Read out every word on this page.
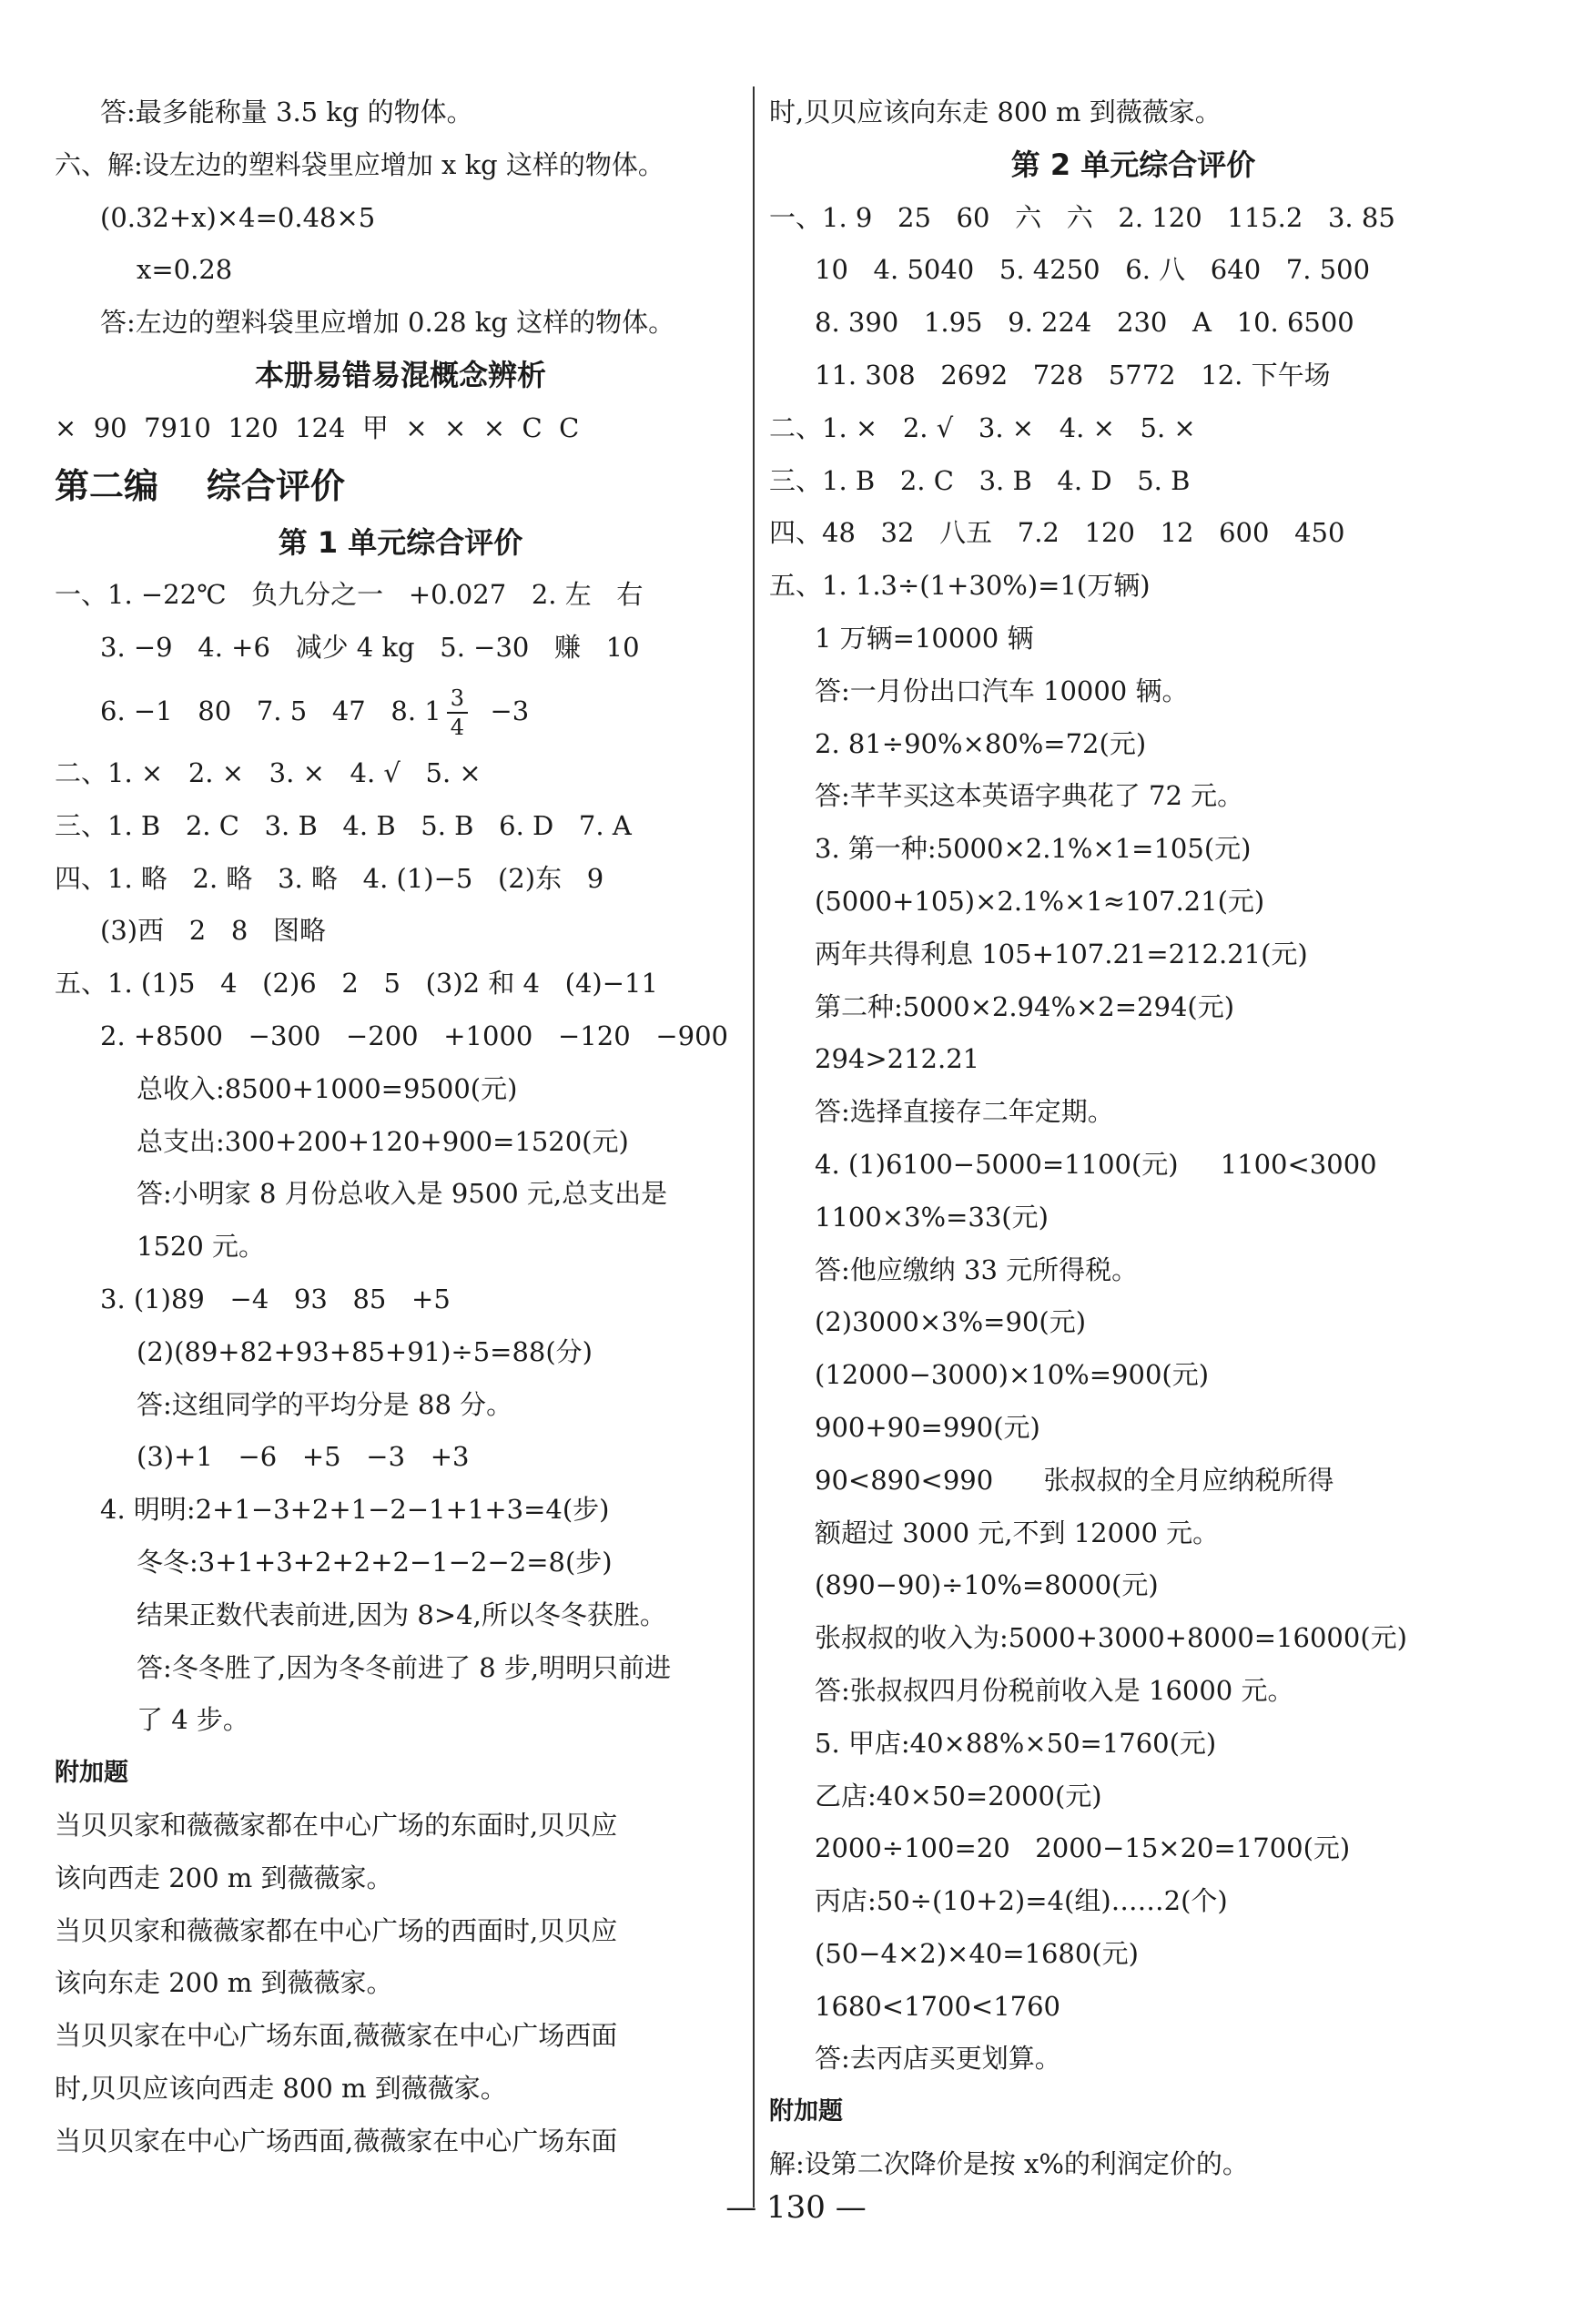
答:最多能称量 3.5 kg 的物体。
六、解:设左边的塑料袋里应增加 x kg 这样的物体。
(0.32+x)×4=0.48×5
x=0.28
答:左边的塑料袋里应增加 0.28 kg 这样的物体。
本册易错易混概念辨析
×  90  7910  120  124  甲  ×  ×  ×  C  C
第二编    综合评价
第 1 单元综合评价
一、1. −22℃   负九分之一   +0.027   2. 左   右
3. −9   4. +6   减少 4 kg   5. −30   赚   10
6. −1   80   7. 5   47   8. $1 \frac{3}{4} -3$
二、1. ×   2. ×   3. ×   4. √   5. ×
三、1. B   2. C   3. B   4. B   5. B   6. D   7. A
四、1. 略   2. 略   3. 略   4. (1)−5   (2)东   9
(3)西   2   8   图略
五、1. (1)5   4   (2)6   2   5   (3)2 和 4   (4)−11
2. +8500   −300   −200   +1000   −120   −900
总收入:8500+1000=9500(元)
总支出:300+200+120+900=1520(元)
答:小明家 8 月份总收入是 9500 元,总支出是
1520 元。
3. (1)89   −4   93   85   +5
(2)(89+82+93+85+91)÷5=88(分)
答:这组同学的平均分是 88 分。
(3)+1   −6   +5   −3   +3
4. 明明:2+1−3+2+1−2−1+1+3=4(步)
冬冬:3+1+3+2+2+2−1−2−2=8(步)
结果正数代表前进,因为 8>4,所以冬冬获胜。
答:冬冬胜了,因为冬冬前进了 8 步,明明只前进
了 4 步。
附加题
当贝贝家和薇薇家都在中心广场的东面时,贝贝应
该向西走 200 m 到薇薇家。
当贝贝家和薇薇家都在中心广场的西面时,贝贝应
该向东走 200 m 到薇薇家。
当贝贝家在中心广场东面,薇薇家在中心广场西面
时,贝贝应该向西走 800 m 到薇薇家。
当贝贝家在中心广场西面,薇薇家在中心广场东面
时,贝贝应该向东走 800 m 到薇薇家。
第 2 单元综合评价
一、1. 9   25   60   六   六   2. 120   115.2   3. 85
10   4. 5040   5. 4250   6. 八   640   7. 500
8. 390   1.95   9. 224   230   A   10. 6500
11. 308   2692   728   5772   12. 下午场
二、1. ×   2. √   3. ×   4. ×   5. ×
三、1. B   2. C   3. B   4. D   5. B
四、48   32   八五   7.2   120   12   600   450
五、1. 1.3÷(1+30%)=1(万辆)
1 万辆=10000 辆
答:一月份出口汽车 10000 辆。
2. 81÷90%×80%=72(元)
答:芊芊买这本英语字典花了 72 元。
3. 第一种:5000×2.1%×1=105(元)
(5000+105)×2.1%×1≈107.21(元)
两年共得利息 105+107.21=212.21(元)
第二种:5000×2.94%×2=294(元)
294>212.21
答:选择直接存二年定期。
4. (1)6100−5000=1100(元)     1100<3000
1100×3%=33(元)
答:他应缴纳 33 元所得税。
(2)3000×3%=90(元)
(12000−3000)×10%=900(元)
900+90=990(元)
90<890<990      张叔叔的全月应纳税所得
额超过 3000 元,不到 12000 元。
(890−90)÷10%=8000(元)
张叔叔的收入为:5000+3000+8000=16000(元)
答:张叔叔四月份税前收入是 16000 元。
5. 甲店:40×88%×50=1760(元)
乙店:40×50=2000(元)
2000÷100=20   2000−15×20=1700(元)
丙店:50÷(10+2)=4(组)……2(个)
(50−4×2)×40=1680(元)
1680<1700<1760
答:去丙店买更划算。
附加题
解:设第二次降价是按 x%的利润定价的。
— 130 —
